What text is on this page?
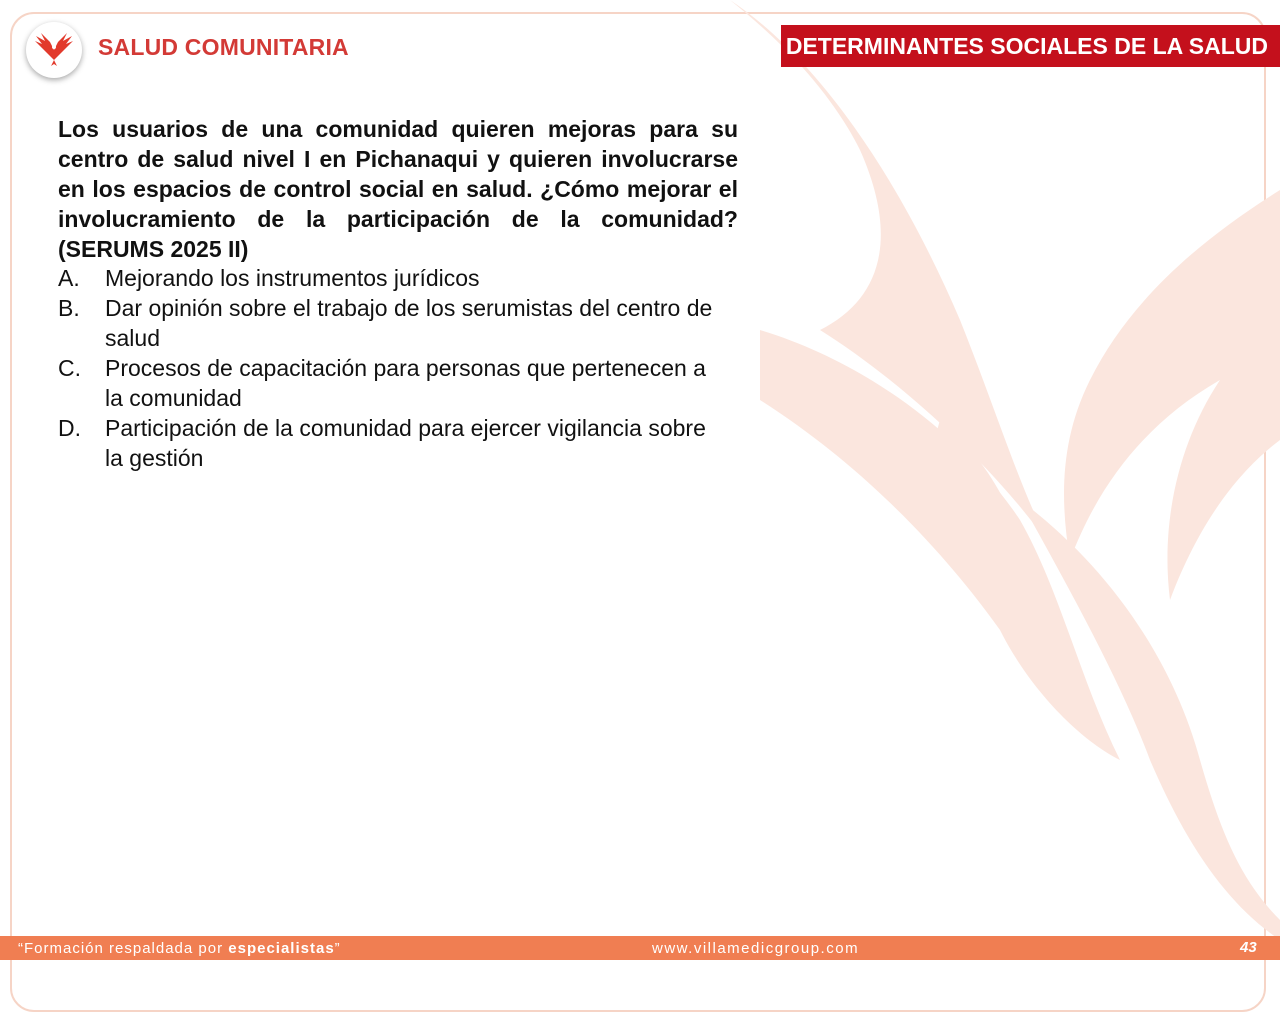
SALUD COMUNITARIA	DETERMINANTES SOCIALES DE LA SALUD

Los usuarios de una comunidad quieren mejoras para su centro de salud nivel I en Pichanaqui y quieren involucrarse en los espacios de control social en salud. ¿Cómo mejorar el involucramiento de la participación de la comunidad? (SERUMS 2025 II)

A.	Mejorando los instrumentos jurídicos
B.	Dar opinión sobre el trabajo de los serumistas del centro de salud
C.	Procesos de capacitación para personas que pertenecen a la comunidad
D.	Participación de la comunidad para ejercer vigilancia sobre la gestión
“Formación respaldada por especialistas”	www.villamedicgroup.com	43
